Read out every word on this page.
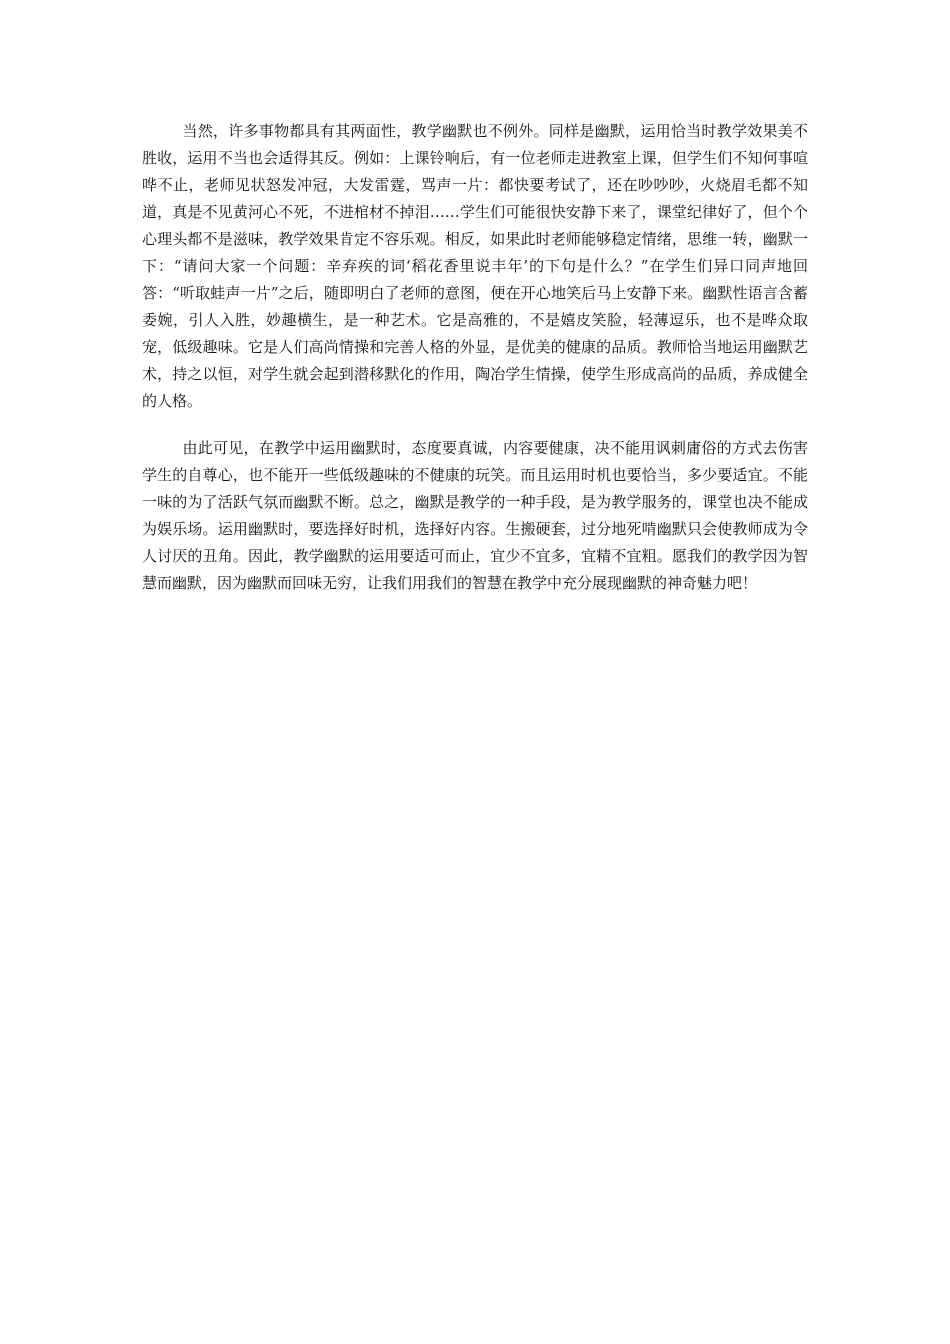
当然，许多事物都具有其两面性，教学幽默也不例外。同样是幽默，运用恰当时教学效果美不胜收，运用不当也会适得其反。例如：上课铃响后，有一位老师走进教室上课，但学生们不知何事喧哗不止，老师见状怒发冲冠，大发雷霆，骂声一片：都快要考试了，还在吵吵吵，火烧眉毛都不知道，真是不见黄河心不死，不进棺材不掉泪……学生们可能很快安静下来了，课堂纪律好了，但个个心理头都不是滋味，教学效果肯定不容乐观。相反，如果此时老师能够稳定情绪，思维一转，幽默一下：“请问大家一个问题：辛弃疾的词‘稻花香里说丰年’的下句是什么？”在学生们异口同声地回答：“听取蛙声一片”之后，随即明白了老师的意图，便在开心地笑后马上安静下来。幽默性语言含蓄委婉，引人入胜，妙趣横生，是一种艺术。它是高雅的，不是嬉皮笑脸，轻薄逗乐，也不是哗众取宠，低级趣味。它是人们高尚情操和完善人格的外显，是优美的健康的品质。教师恰当地运用幽默艺术，持之以恒，对学生就会起到潜移默化的作用，陶冶学生情操，使学生形成高尚的品质，养成健全的人格。

由此可见，在教学中运用幽默时，态度要真诚，内容要健康，决不能用讽刺庸俗的方式去伤害学生的自尊心，也不能开一些低级趣味的不健康的玩笑。而且运用时机也要恰当，多少要适宜。不能一味的为了活跃气氛而幽默不断。总之，幽默是教学的一种手段，是为教学服务的，课堂也决不能成为娱乐场。运用幽默时，要选择好时机，选择好内容。生搬硬套，过分地死啃幽默只会使教师成为令人讨厌的丑角。因此，教学幽默的运用要适可而止，宜少不宜多，宜精不宜粗。愿我们的教学因为智慧而幽默，因为幽默而回味无穷，让我们用我们的智慧在教学中充分展现幽默的神奇魅力吧！
